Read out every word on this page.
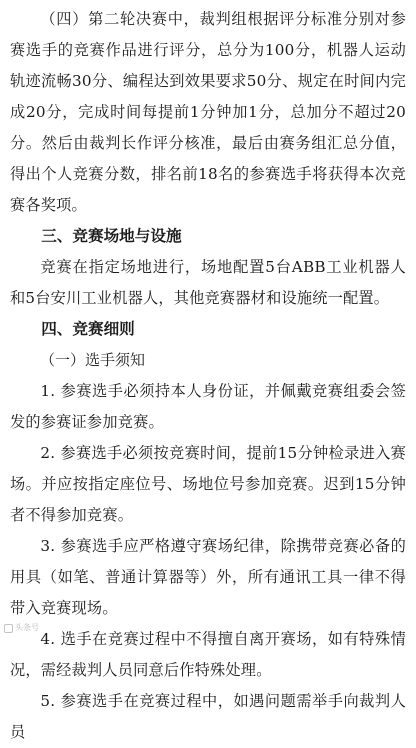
（四）第二轮决赛中，裁判组根据评分标准分别对参赛选手的竞赛作品进行评分，总分为100分，机器人运动轨迹流畅30分、编程达到效果要求50分、规定在时间内完成20分，完成时间每提前1分钟加1分，总加分不超过20分。然后由裁判长作评分核准，最后由赛务组汇总分值，得出个人竞赛分数，排名前18名的参赛选手将获得本次竞赛各奖项。

三、竞赛场地与设施

竞赛在指定场地进行，场地配置5台ABB工业机器人和5台安川工业机器人，其他竞赛器材和设施统一配置。

四、竞赛细则

（一）选手须知

1. 参赛选手必须持本人身份证，并佩戴竞赛组委会签发的参赛证参加竞赛。

2. 参赛选手必须按竞赛时间，提前15分钟检录进入赛场。并应按指定座位号、场地位号参加竞赛。迟到15分钟者不得参加竞赛。

3. 参赛选手应严格遵守赛场纪律，除携带竞赛必备的用具（如笔、普通计算器等）外，所有通讯工具一律不得带入竞赛现场。

4. 选手在竞赛过程中不得擅自离开赛场，如有特殊情况，需经裁判人员同意后作特殊处理。

5. 参赛选手在竞赛过程中，如遇问题需举手向裁判人员

头条号
